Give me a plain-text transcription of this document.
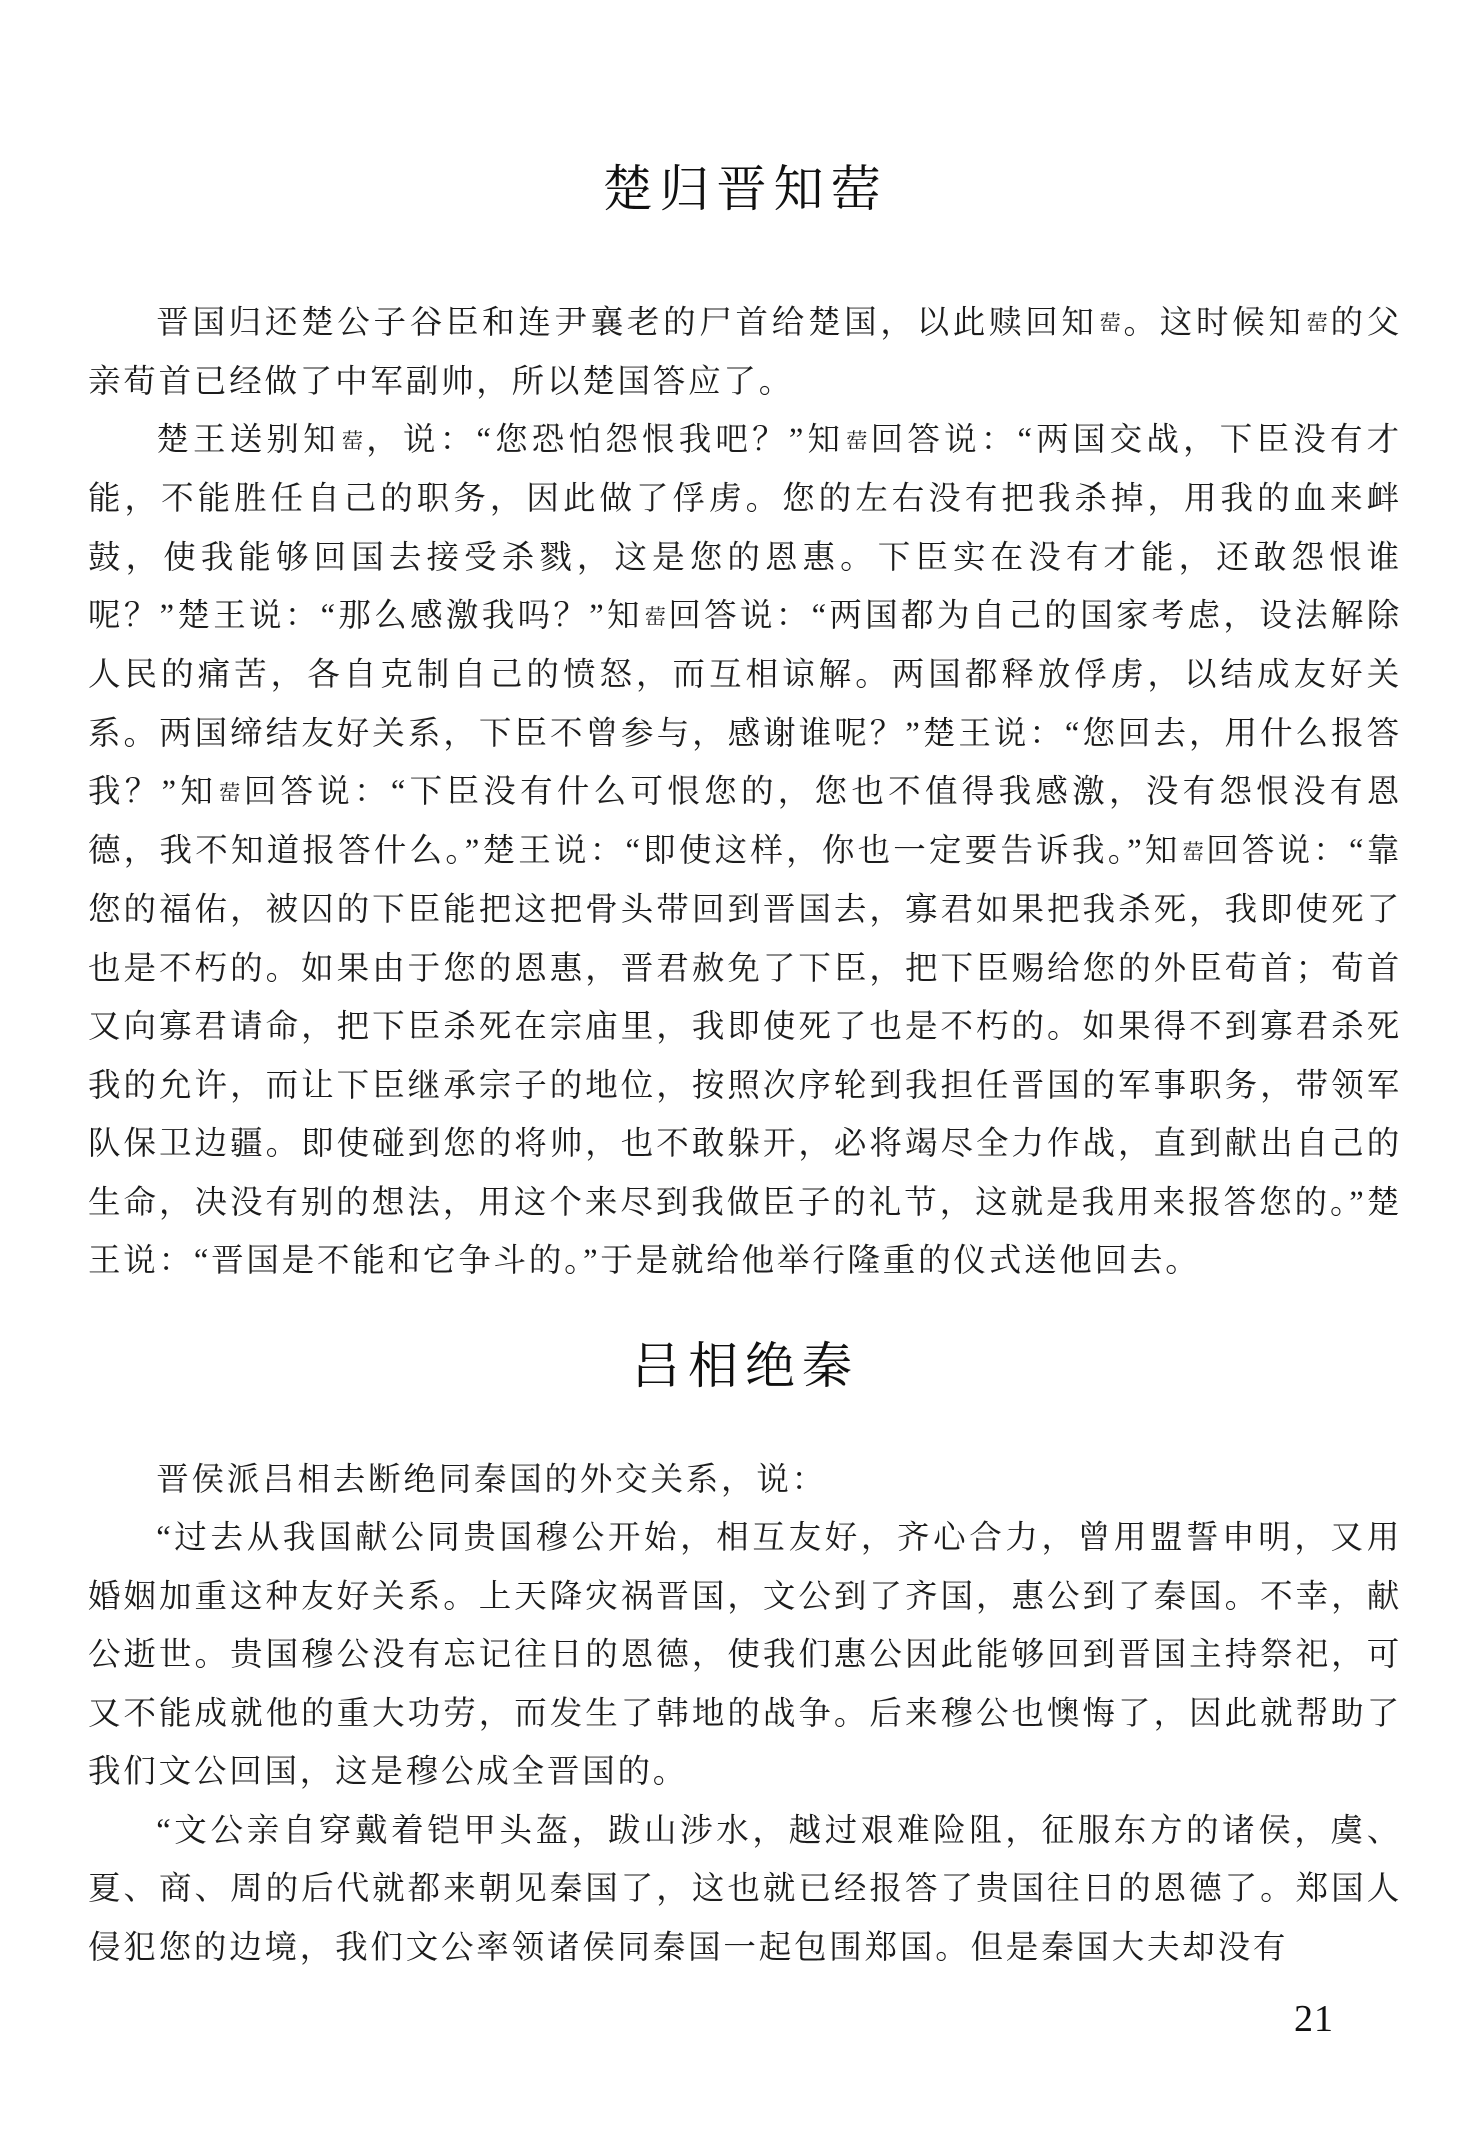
楚归晋知䓨

晋国归还楚公子谷臣和连尹襄老的尸首给楚国，以此赎回知䓨。这时候知䓨的父亲荀首已经做了中军副帅，所以楚国答应了。

楚王送别知䓨，说：“您恐怕怨恨我吧？”知䓨回答说：“两国交战，下臣没有才能，不能胜任自己的职务，因此做了俘虏。您的左右没有把我杀掉，用我的血来衅鼓，使我能够回国去接受杀戮，这是您的恩惠。下臣实在没有才能，还敢怨恨谁呢？”楚王说：“那么感激我吗？”知䓨回答说：“两国都为自己的国家考虑，设法解除人民的痛苦，各自克制自己的愤怒，而互相谅解。两国都释放俘虏，以结成友好关系。两国缔结友好关系，下臣不曾参与，感谢谁呢？”楚王说：“您回去，用什么报答我？”知䓨回答说：“下臣没有什么可恨您的，您也不值得我感激，没有怨恨没有恩德，我不知道报答什么。”楚王说：“即使这样，你也一定要告诉我。”知䓨回答说：“靠您的福佑，被囚的下臣能把这把骨头带回到晋国去，寡君如果把我杀死，我即使死了也是不朽的。如果由于您的恩惠，晋君赦免了下臣，把下臣赐给您的外臣荀首；荀首又向寡君请命，把下臣杀死在宗庙里，我即使死了也是不朽的。如果得不到寡君杀死我的允许，而让下臣继承宗子的地位，按照次序轮到我担任晋国的军事职务，带领军队保卫边疆。即使碰到您的将帅，也不敢躲开，必将竭尽全力作战，直到献出自己的生命，决没有别的想法，用这个来尽到我做臣子的礼节，这就是我用来报答您的。”楚王说：“晋国是不能和它争斗的。”于是就给他举行隆重的仪式送他回去。

吕相绝秦

晋侯派吕相去断绝同秦国的外交关系，说：

“过去从我国献公同贵国穆公开始，相互友好，齐心合力，曾用盟誓申明，又用婚姻加重这种友好关系。上天降灾祸晋国，文公到了齐国，惠公到了秦国。不幸，献公逝世。贵国穆公没有忘记往日的恩德，使我们惠公因此能够回到晋国主持祭祀，可又不能成就他的重大功劳，而发生了韩地的战争。后来穆公也懊悔了，因此就帮助了我们文公回国，这是穆公成全晋国的。

“文公亲自穿戴着铠甲头盔，跋山涉水，越过艰难险阻，征服东方的诸侯，虞、夏、商、周的后代就都来朝见秦国了，这也就已经报答了贵国往日的恩德了。郑国人侵犯您的边境，我们文公率领诸侯同秦国一起包围郑国。但是秦国大夫却没有

21
